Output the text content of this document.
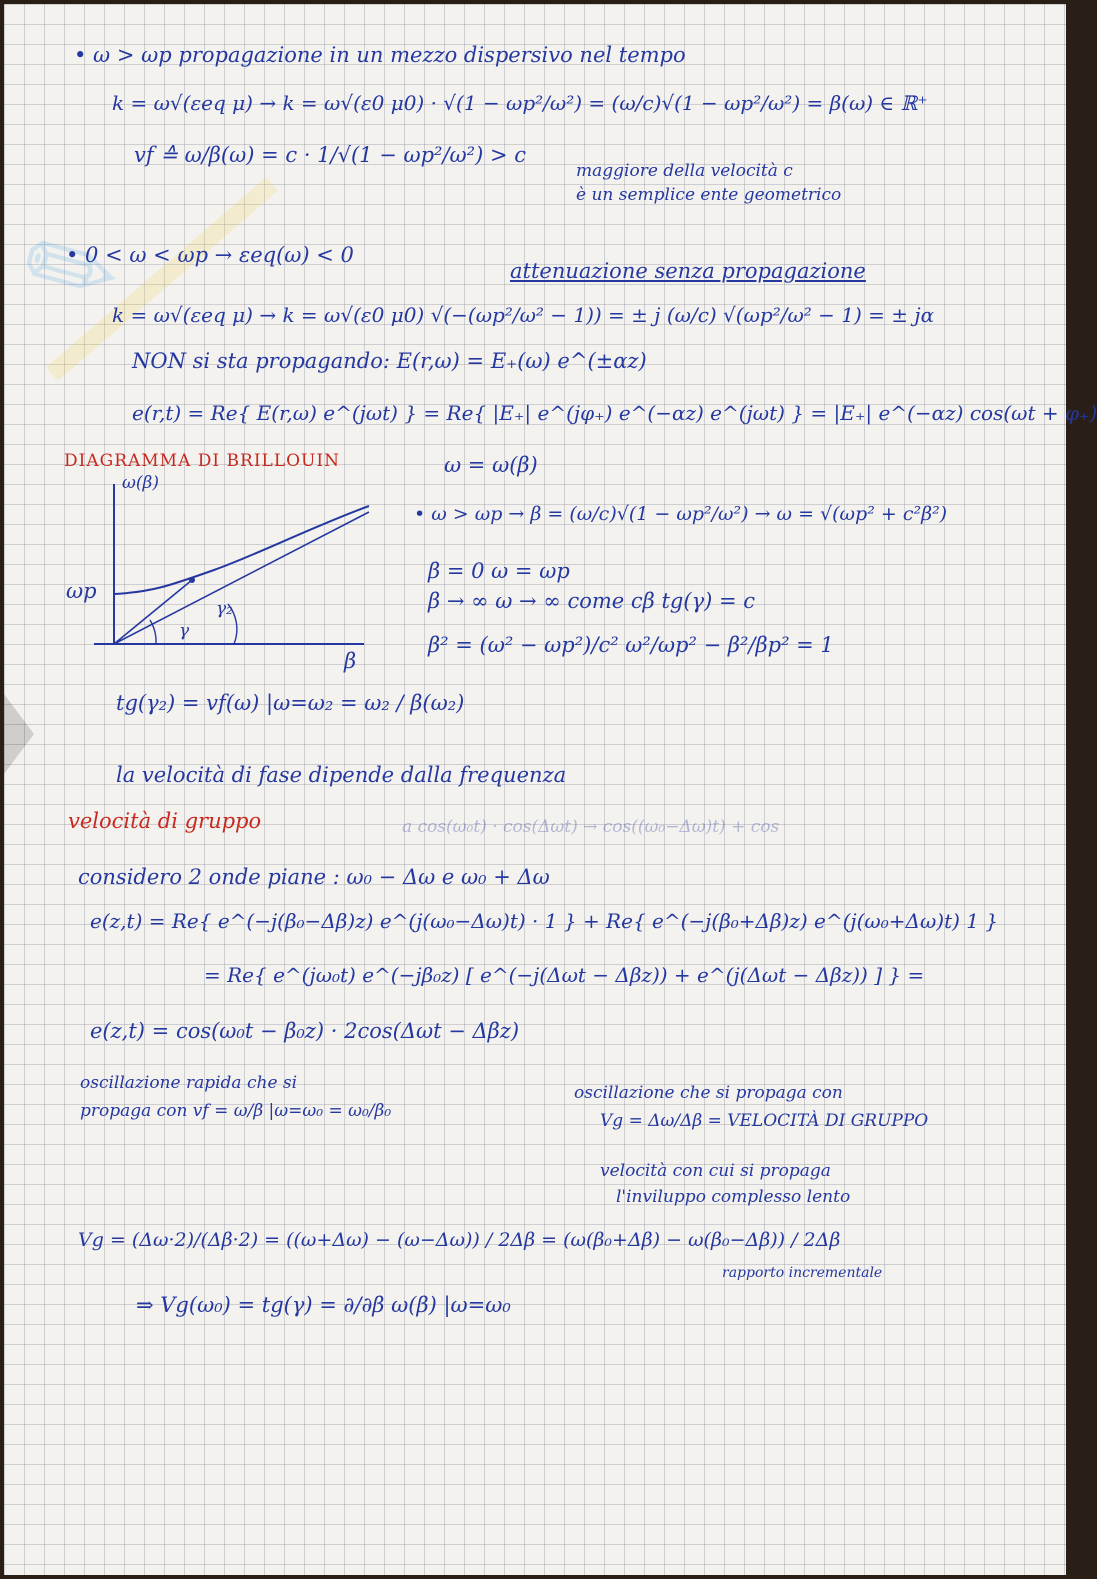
✎
• ω > ωp propagazione in un mezzo dispersivo nel tempo
k = ω√(εeq μ) → k = ω√(ε0 μ0) · √(1 − ωp²/ω²) = (ω/c)√(1 − ωp²/ω²) = β(ω) ∈ ℝ⁺
vf ≙ ω/β(ω) = c · 1/√(1 − ωp²/ω²) > c
maggiore della velocità c
è un semplice ente geometrico
• 0 < ω < ωp → εeq(ω) < 0
attenuazione senza propagazione
k = ω√(εeq μ) → k = ω√(ε0 μ0) √(−(ωp²/ω² − 1)) = ± j (ω/c) √(ωp²/ω² − 1) = ± jα
NON si sta propagando: E(r,ω) = E₊(ω) e^(±αz)
e(r,t) = Re{ E(r,ω) e^(jωt) } = Re{ |E₊| e^(jφ₊) e^(−αz) e^(jωt) } = |E₊| e^(−αz) cos(ωt + φ₊)
DIAGRAMMA DI BRILLOUIN	ω = ω(β)
ω(β)
β
ωp
γ
γ₂
• ω > ωp → β = (ω/c)√(1 − ωp²/ω²) → ω = √(ωp² + c²β²)
β = 0 ω = ωp
β → ∞ ω → ∞ come cβ tg(γ) = c
β² = (ω² − ωp²)/c² ω²/ωp² − β²/βp² = 1
tg(γ₂) = vf(ω) |ω=ω₂ = ω₂ / β(ω₂)
la velocità di fase dipende dalla frequenza
velocità di gruppo	a cos(ω₀t) · cos(Δωt) → cos((ω₀−Δω)t) + cos
considero 2 onde piane : ω₀ − Δω e ω₀ + Δω
e(z,t) = Re{ e^(−j(β₀−Δβ)z) e^(j(ω₀−Δω)t) · 1 } + Re{ e^(−j(β₀+Δβ)z) e^(j(ω₀+Δω)t) 1 }
= Re{ e^(jω₀t) e^(−jβ₀z) [ e^(−j(Δωt − Δβz)) + e^(j(Δωt − Δβz)) ] } =
e(z,t) = cos(ω₀t − β₀z) · 2cos(Δωt − Δβz)
oscillazione rapida che si
propaga con vf = ω/β |ω=ω₀ = ω₀/β₀
oscillazione che si propaga con
Vg = Δω/Δβ = VELOCITÀ DI GRUPPO
velocità con cui si propaga
l'inviluppo complesso lento
Vg = (Δω·2)/(Δβ·2) = ((ω+Δω) − (ω−Δω)) / 2Δβ = (ω(β₀+Δβ) − ω(β₀−Δβ)) / 2Δβ
rapporto incrementale
⇒ Vg(ω₀) = tg(γ) = ∂/∂β ω(β) |ω=ω₀
